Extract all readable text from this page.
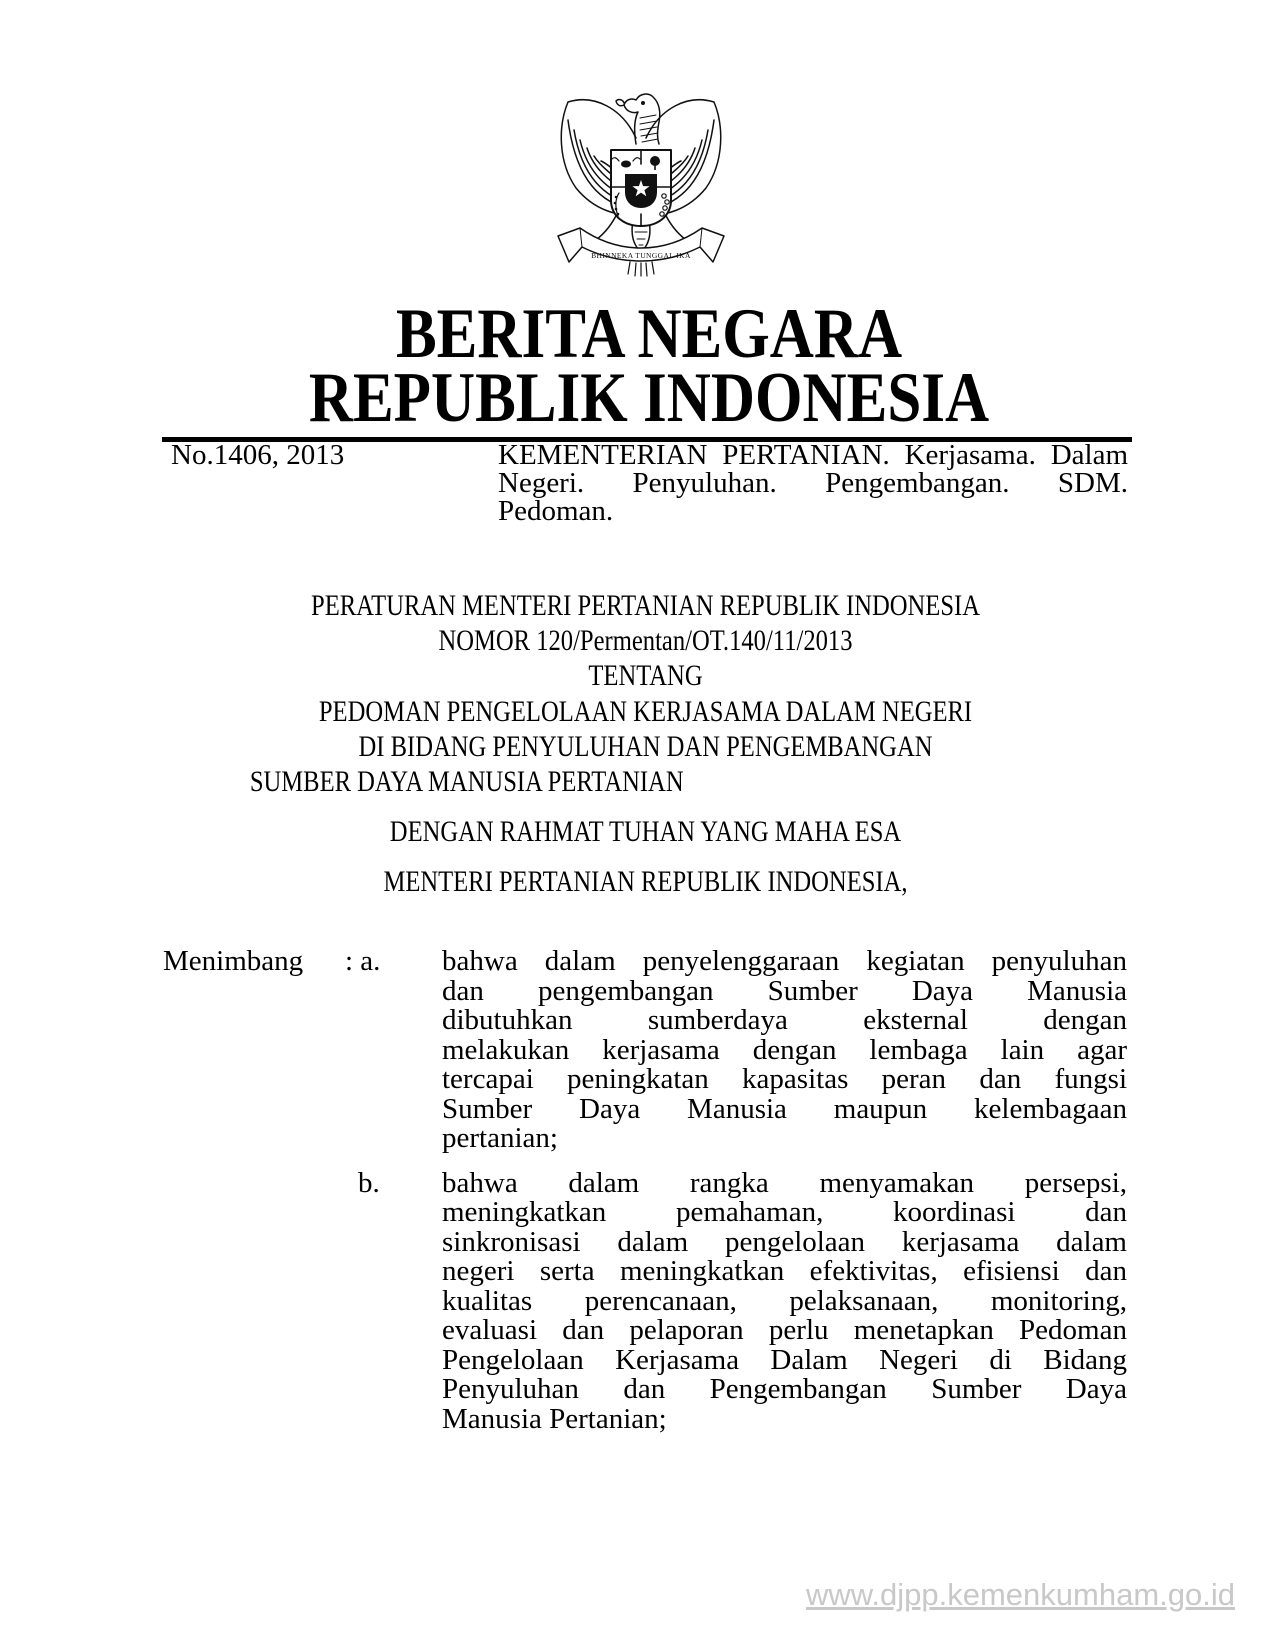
BHINNEKA TUNGGAL IKA
BERITA NEGARA
REPUBLIK INDONESIA
No.1406, 2013	KEMENTERIAN PERTANIAN. Kerjasama. Dalam
Negeri. Penyuluhan. Pengembangan. SDM.
Pedoman.
PERATURAN MENTERI PERTANIAN REPUBLIK INDONESIA
NOMOR 120/Permentan/OT.140/11/2013
TENTANG
PEDOMAN PENGELOLAAN KERJASAMA DALAM NEGERI
DI BIDANG PENYULUHAN DAN PENGEMBANGAN
SUMBER DAYA MANUSIA PERTANIAN
DENGAN RAHMAT TUHAN YANG MAHA ESA
MENTERI PERTANIAN REPUBLIK INDONESIA,
Menimbang : a.	bahwa dalam penyelenggaraan kegiatan penyuluhan
dan pengembangan Sumber Daya Manusia
dibutuhkan sumberdaya eksternal dengan
melakukan kerjasama dengan lembaga lain agar
tercapai peningkatan kapasitas peran dan fungsi
Sumber Daya Manusia maupun kelembagaan
pertanian;
b.	bahwa dalam rangka menyamakan persepsi,
meningkatkan pemahaman, koordinasi dan
sinkronisasi dalam pengelolaan kerjasama dalam
negeri serta meningkatkan efektivitas, efisiensi dan
kualitas perencanaan, pelaksanaan, monitoring,
evaluasi dan pelaporan perlu menetapkan Pedoman
Pengelolaan Kerjasama Dalam Negeri di Bidang
Penyuluhan dan Pengembangan Sumber Daya
Manusia Pertanian;
www.djpp.kemenkumham.go.id
